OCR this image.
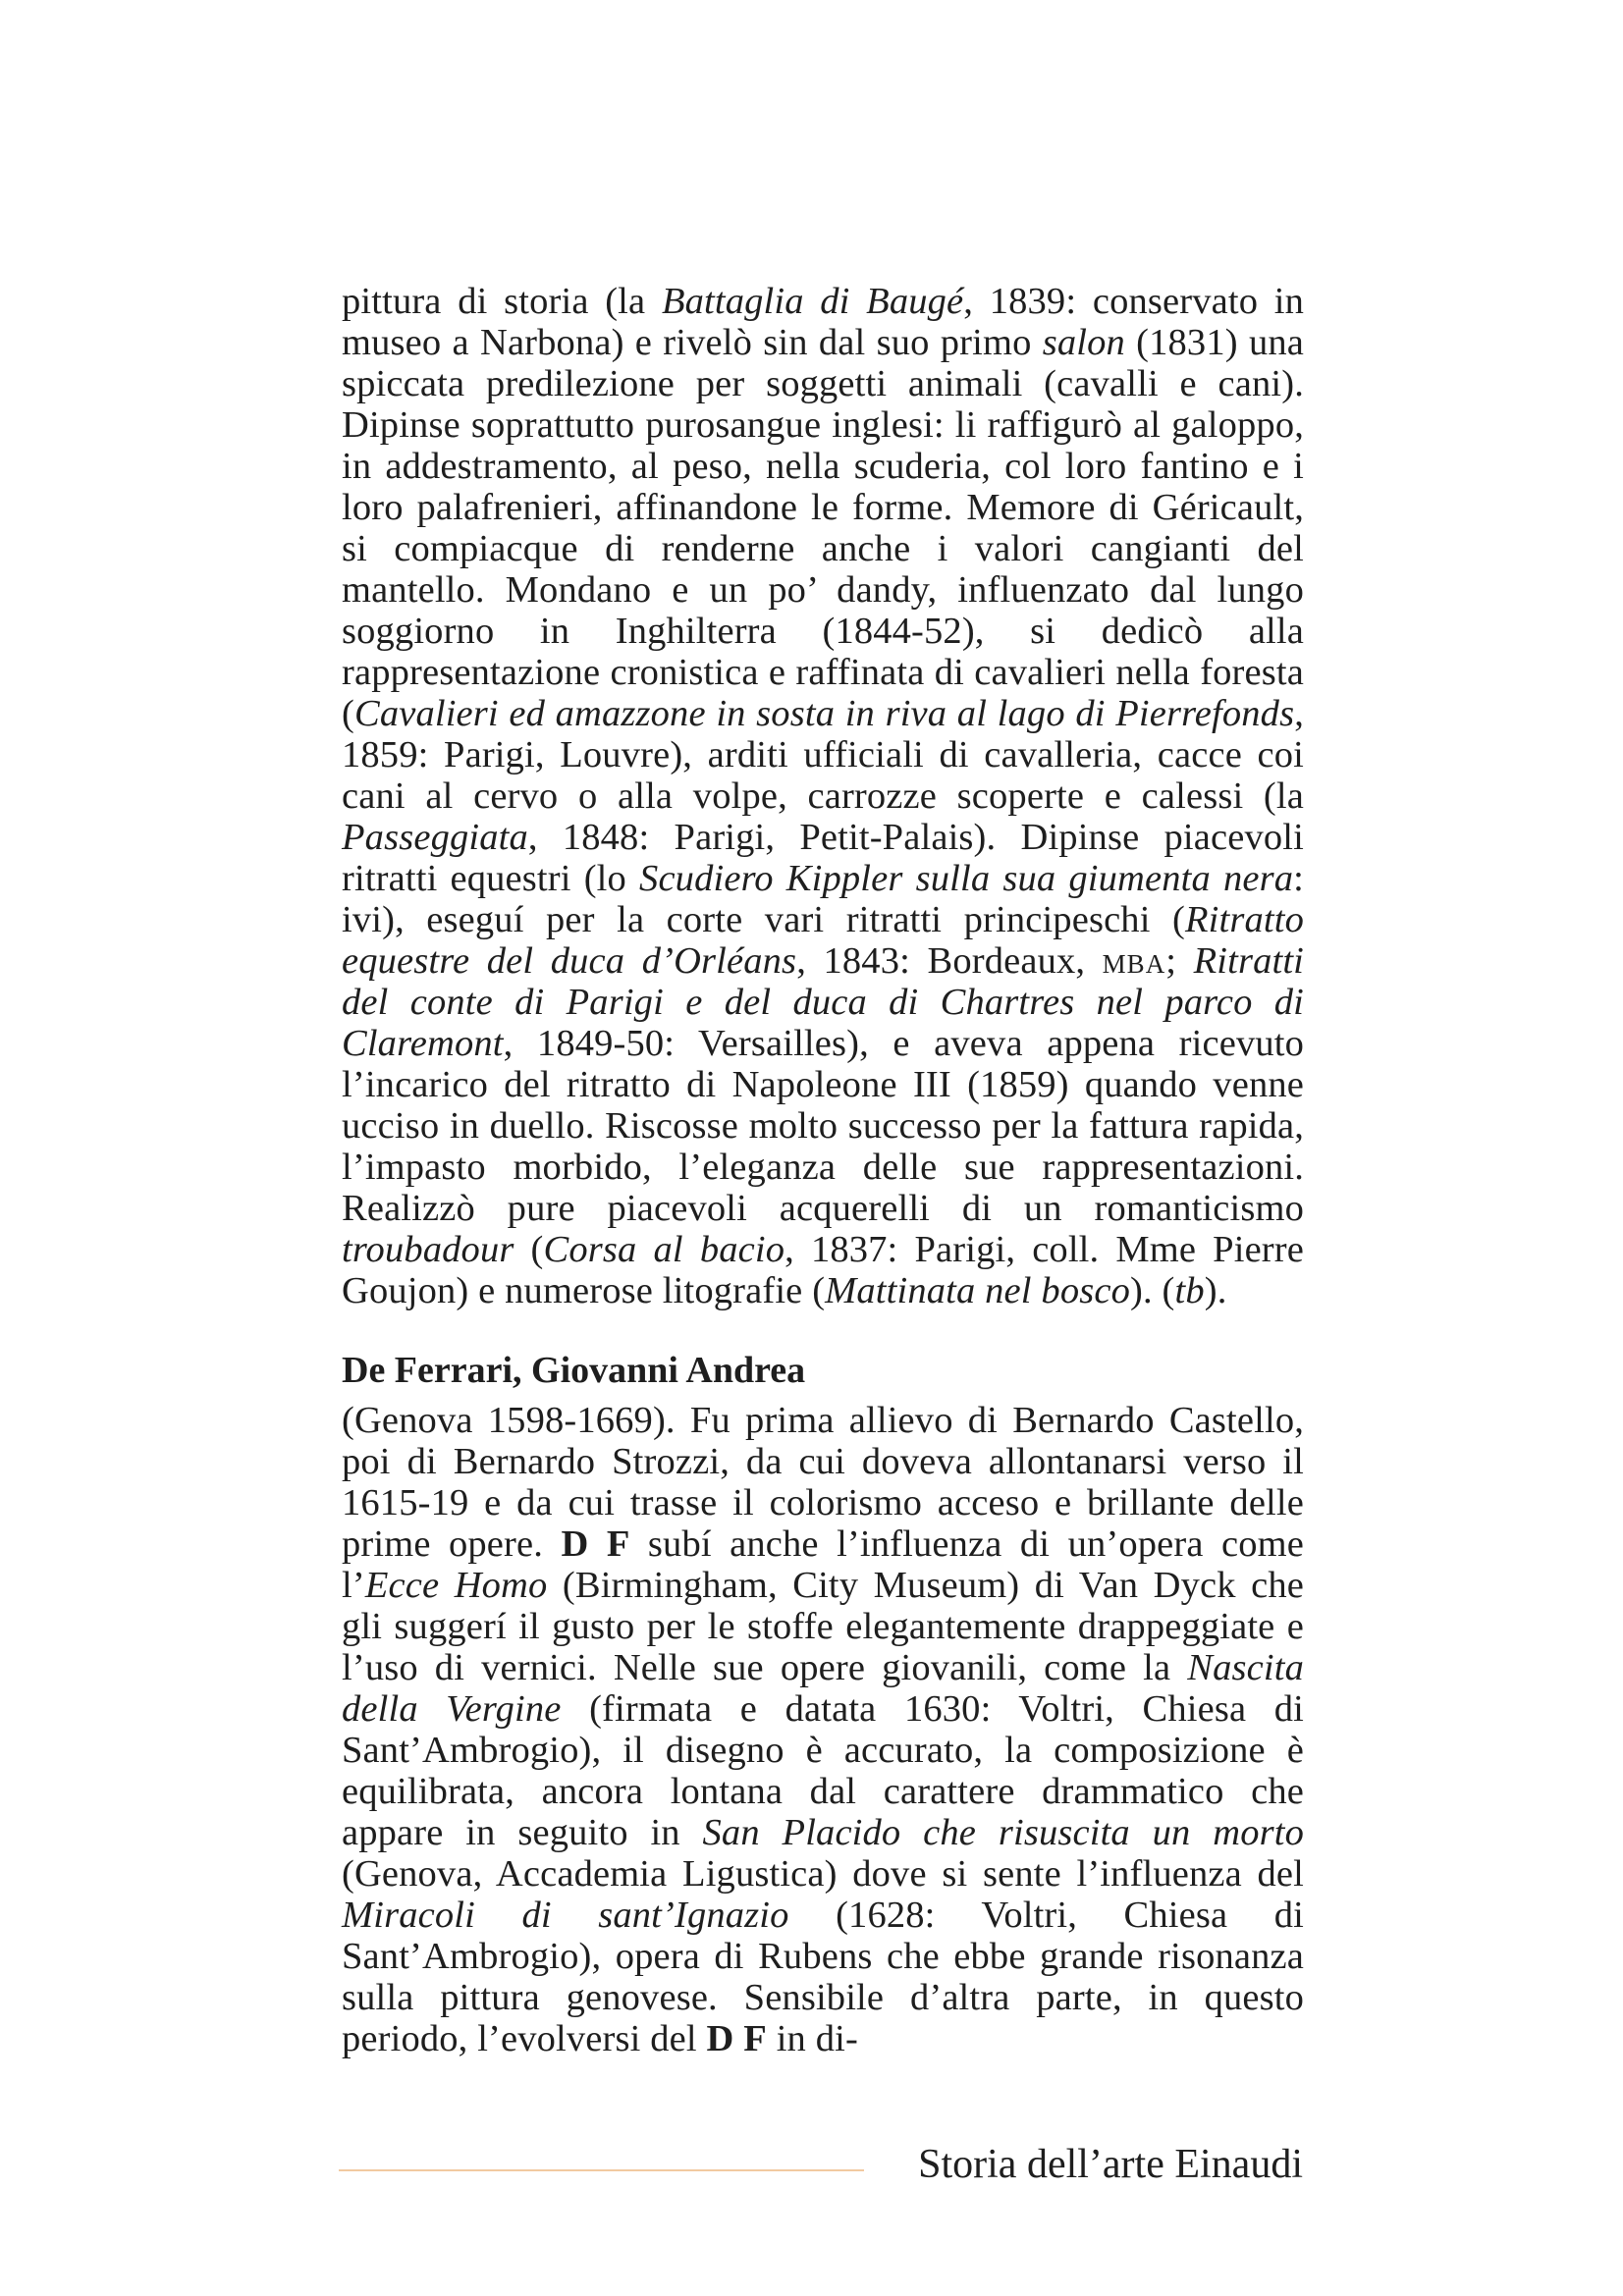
pittura di storia (la Battaglia di Baugé, 1839: conservato in museo a Narbona) e rivelò sin dal suo primo salon (1831) una spiccata predilezione per soggetti animali (cavalli e cani). Dipinse soprattutto purosangue inglesi: li raffigurò al galoppo, in addestramento, al peso, nella scuderia, col loro fantino e i loro palafrenieri, affinandone le forme. Memore di Géricault, si compiacque di renderne anche i valori cangianti del mantello. Mondano e un po’ dandy, influenzato dal lungo soggiorno in Inghilterra (1844-52), si dedicò alla rappresentazione cronistica e raffinata di cavalieri nella foresta (Cavalieri ed amazzone in sosta in riva al lago di Pierrefonds, 1859: Parigi, Louvre), arditi ufficiali di cavalleria, cacce coi cani al cervo o alla volpe, carrozze scoperte e calessi (la Passeggiata, 1848: Parigi, Petit-Palais). Dipinse piacevoli ritratti equestri (lo Scudiero Kippler sulla sua giumenta nera: ivi), eseguí per la corte vari ritratti principeschi (Ritratto equestre del duca d’Orléans, 1843: Bordeaux, mba; Ritratti del conte di Parigi e del duca di Chartres nel parco di Claremont, 1849-50: Versailles), e aveva appena ricevuto l’incarico del ritratto di Napoleone III (1859) quando venne ucciso in duello. Riscosse molto successo per la fattura rapida, l’impasto morbido, l’eleganza delle sue rappresentazioni. Realizzò pure piacevoli acquerelli di un romanticismo troubadour (Corsa al bacio, 1837: Parigi, coll. Mme Pierre Goujon) e numerose litografie (Mattinata nel bosco). (tb).

De Ferrari, Giovanni Andrea

(Genova 1598-1669). Fu prima allievo di Bernardo Castello, poi di Bernardo Strozzi, da cui doveva allontanarsi verso il 1615-19 e da cui trasse il colorismo acceso e brillante delle prime opere. D F subí anche l’influenza di un’opera come l’Ecce Homo (Birmingham, City Museum) di Van Dyck che gli suggerí il gusto per le stoffe elegantemente drappeggiate e l’uso di vernici. Nelle sue opere giovanili, come la Nascita della Vergine (firmata e datata 1630: Voltri, Chiesa di Sant’Ambrogio), il disegno è accurato, la composizione è equilibrata, ancora lontana dal carattere drammatico che appare in seguito in San Placido che risuscita un morto (Genova, Accademia Ligustica) dove si sente l’influenza del Miracoli di sant’Ignazio (1628: Voltri, Chiesa di Sant’Ambrogio), opera di Rubens che ebbe grande risonanza sulla pittura genovese. Sensibile d’altra parte, in questo periodo, l’evolversi del D F in di-

Storia dell’arte Einaudi
